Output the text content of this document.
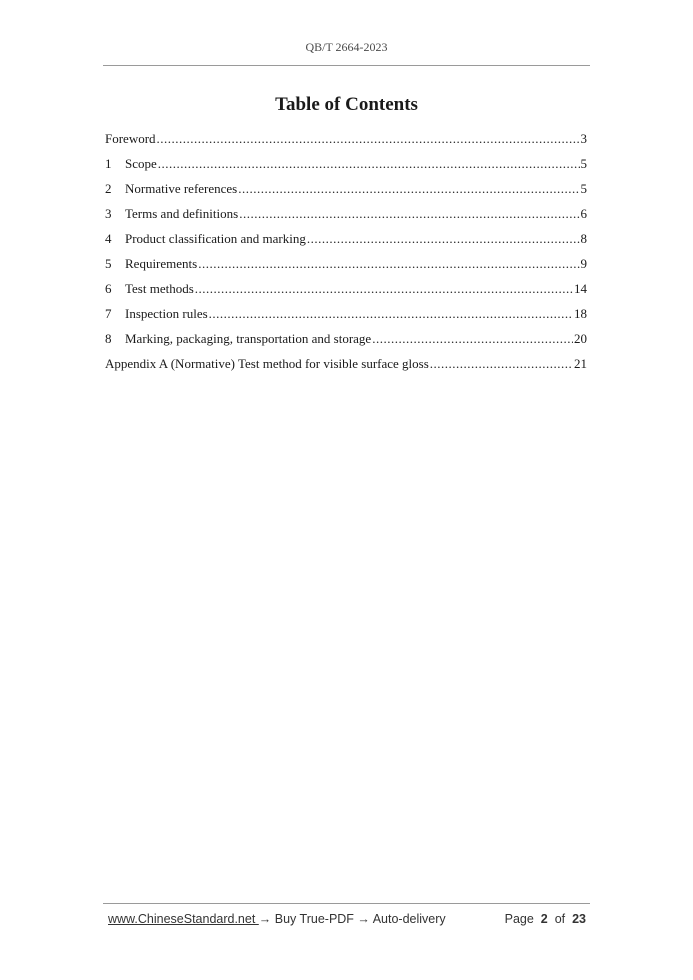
QB/T 2664-2023
Table of Contents
Foreword .....	3
1	Scope .....	5
2	Normative references .....	5
3	Terms and definitions .....	6
4	Product classification and marking .....	8
5	Requirements .....	9
6	Test methods .....	14
7	Inspection rules .....	18
8	Marking, packaging, transportation and storage .....	20
Appendix A (Normative) Test method for visible surface gloss .....	21
www.ChineseStandard.net → Buy True-PDF → Auto-delivery	Page 2 of 23
